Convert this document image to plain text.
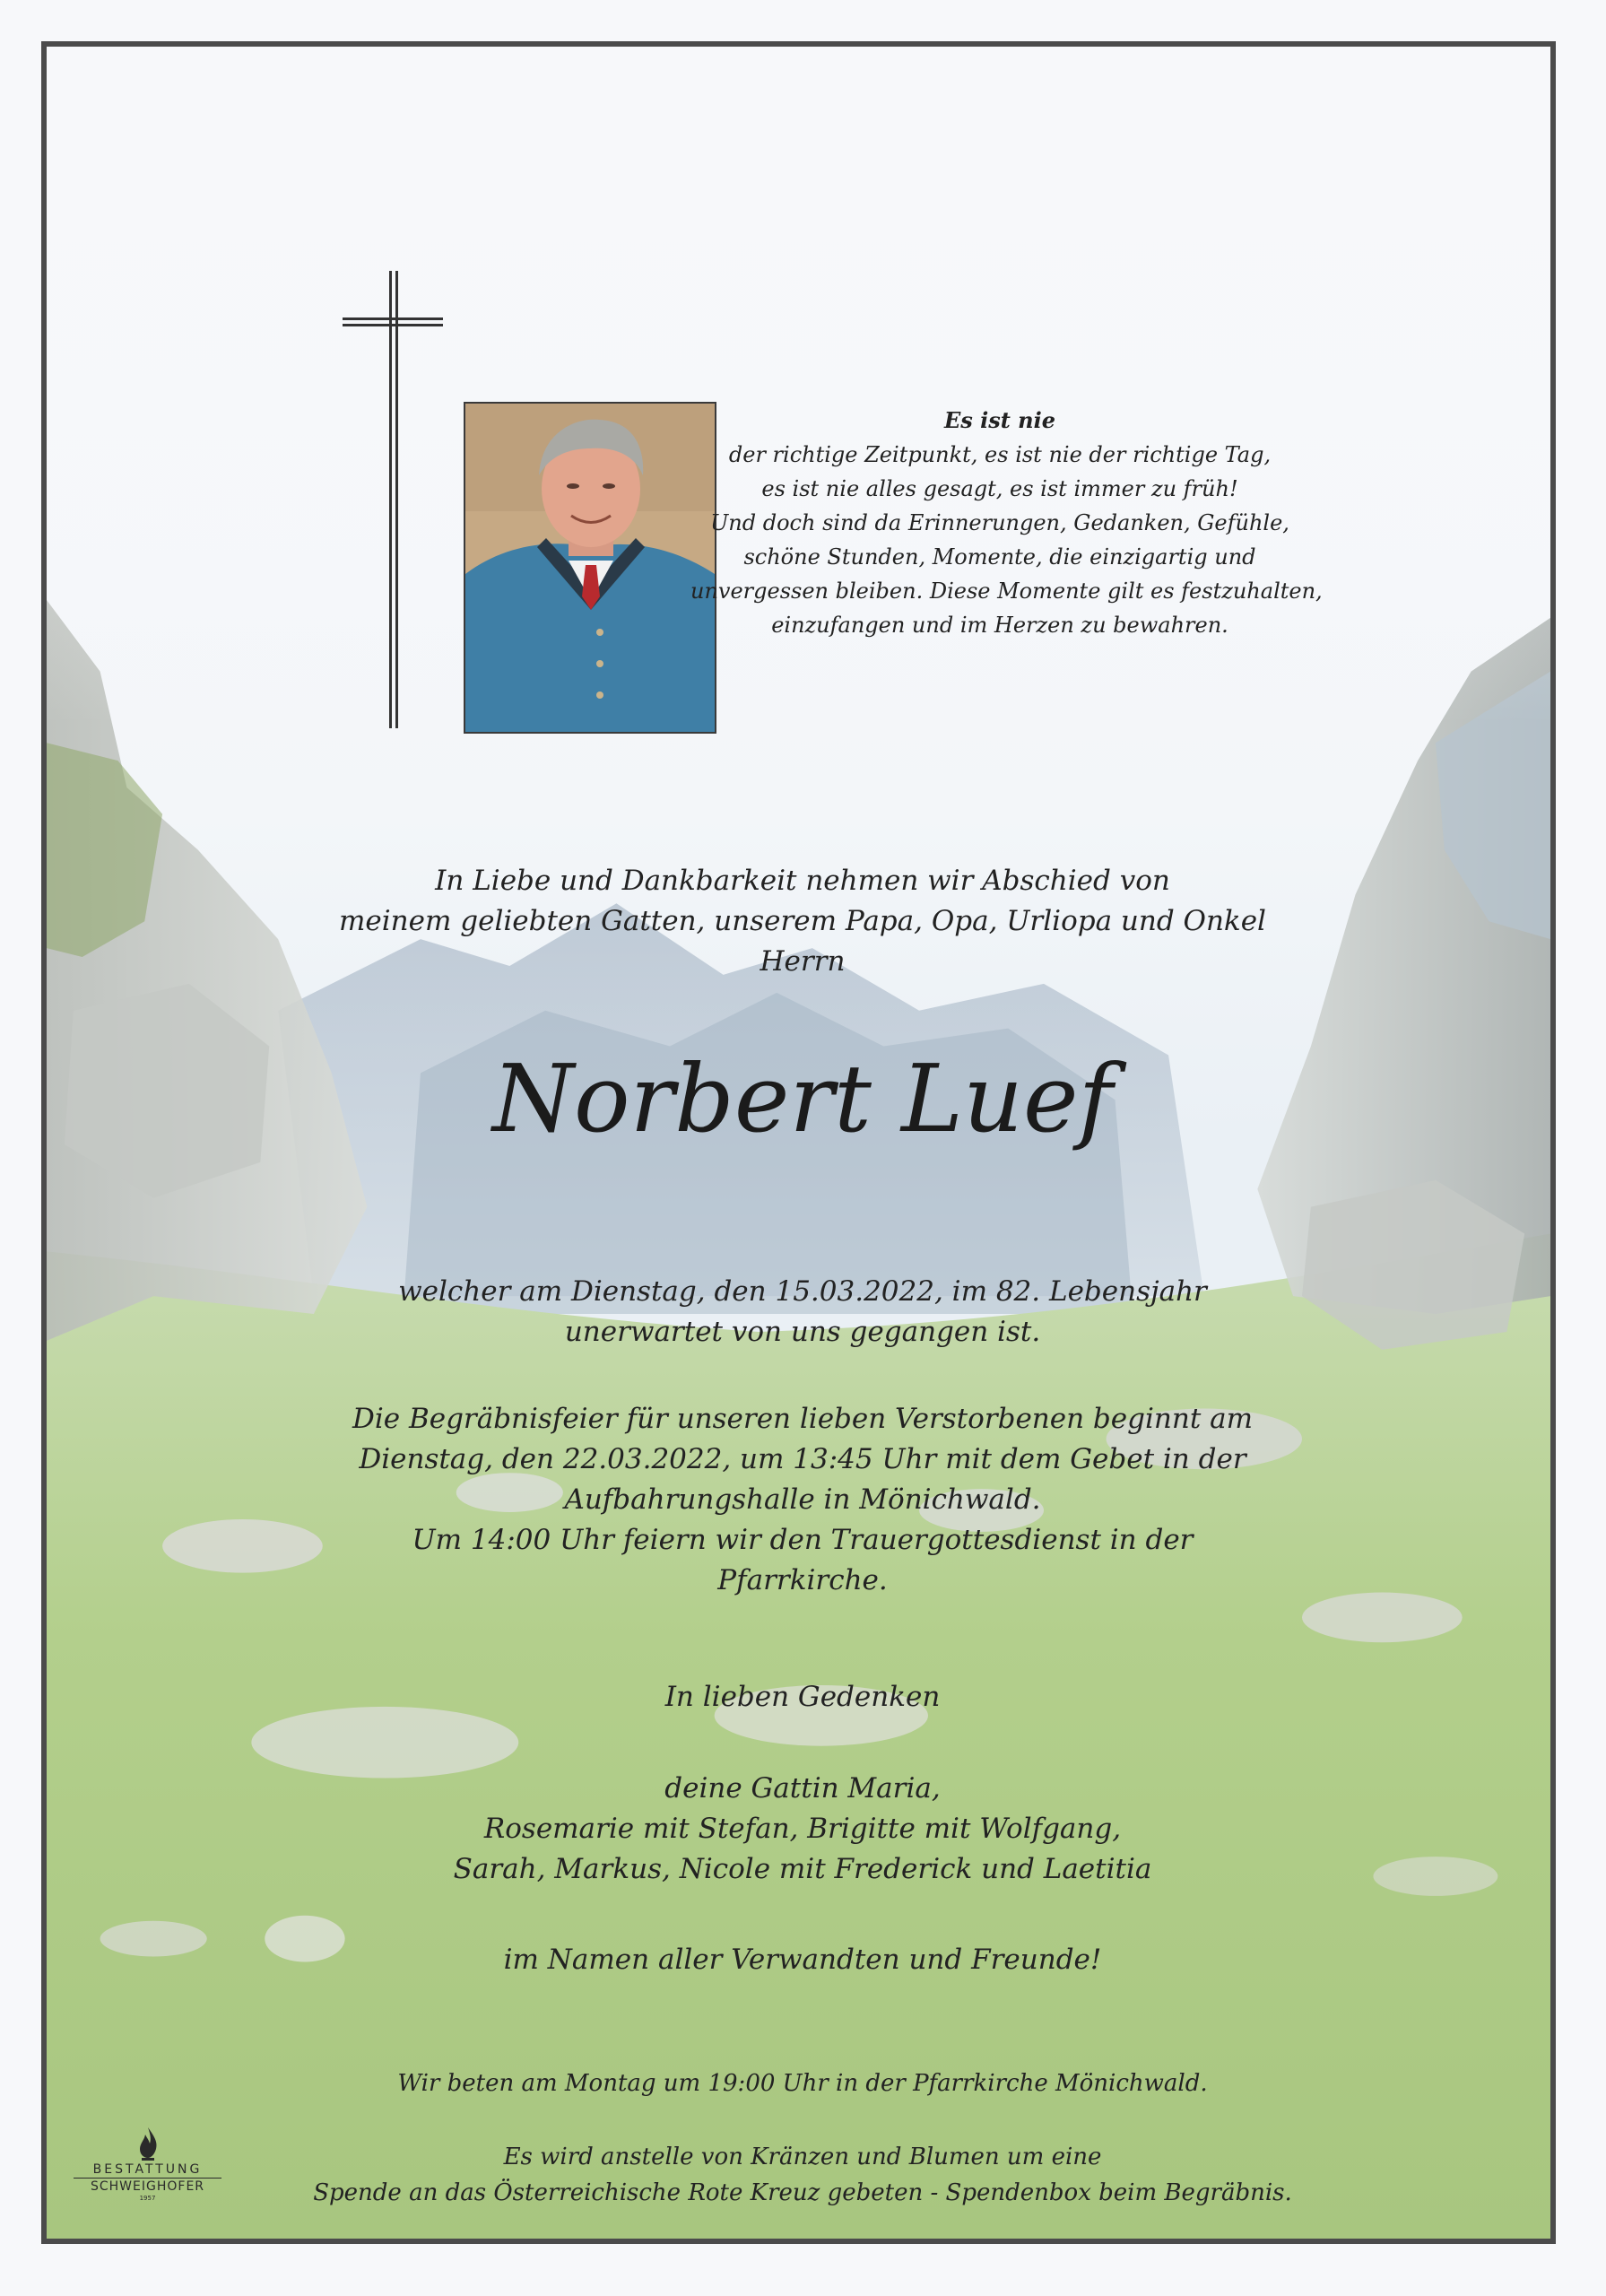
Es ist nie
der richtige Zeitpunkt, es ist nie der richtige Tag,
es ist nie alles gesagt, es ist immer zu früh!
Und doch sind da Erinnerungen, Gedanken, Gefühle,
schöne Stunden, Momente, die einzigartig und
unvergessen bleiben. Diese Momente gilt es festzuhalten,
einzufangen und im Herzen zu bewahren.
In Liebe und Dankbarkeit nehmen wir Abschied von
meinem geliebten Gatten, unserem Papa, Opa, Urliopa und Onkel
Herrn
Norbert Luef
welcher am Dienstag, den 15.03.2022, im 82. Lebensjahr
unerwartet von uns gegangen ist.
Die Begräbnisfeier für unseren lieben Verstorbenen beginnt am
Dienstag, den 22.03.2022, um 13:45 Uhr mit dem Gebet in der
Aufbahrungshalle in Mönichwald.
Um 14:00 Uhr feiern wir den Trauergottesdienst in der
Pfarrkirche.
In lieben Gedenken
deine Gattin Maria,
Rosemarie mit Stefan, Brigitte mit Wolfgang,
Sarah, Markus, Nicole mit Frederick und Laetitia
im Namen aller Verwandten und Freunde!
Wir beten am Montag um 19:00 Uhr in der Pfarrkirche Mönichwald.
Es wird anstelle von Kränzen und Blumen um eine
Spende an das Österreichische Rote Kreuz gebeten - Spendenbox beim Begräbnis.
BESTATTUNG
SCHWEIGHOFER
1957
